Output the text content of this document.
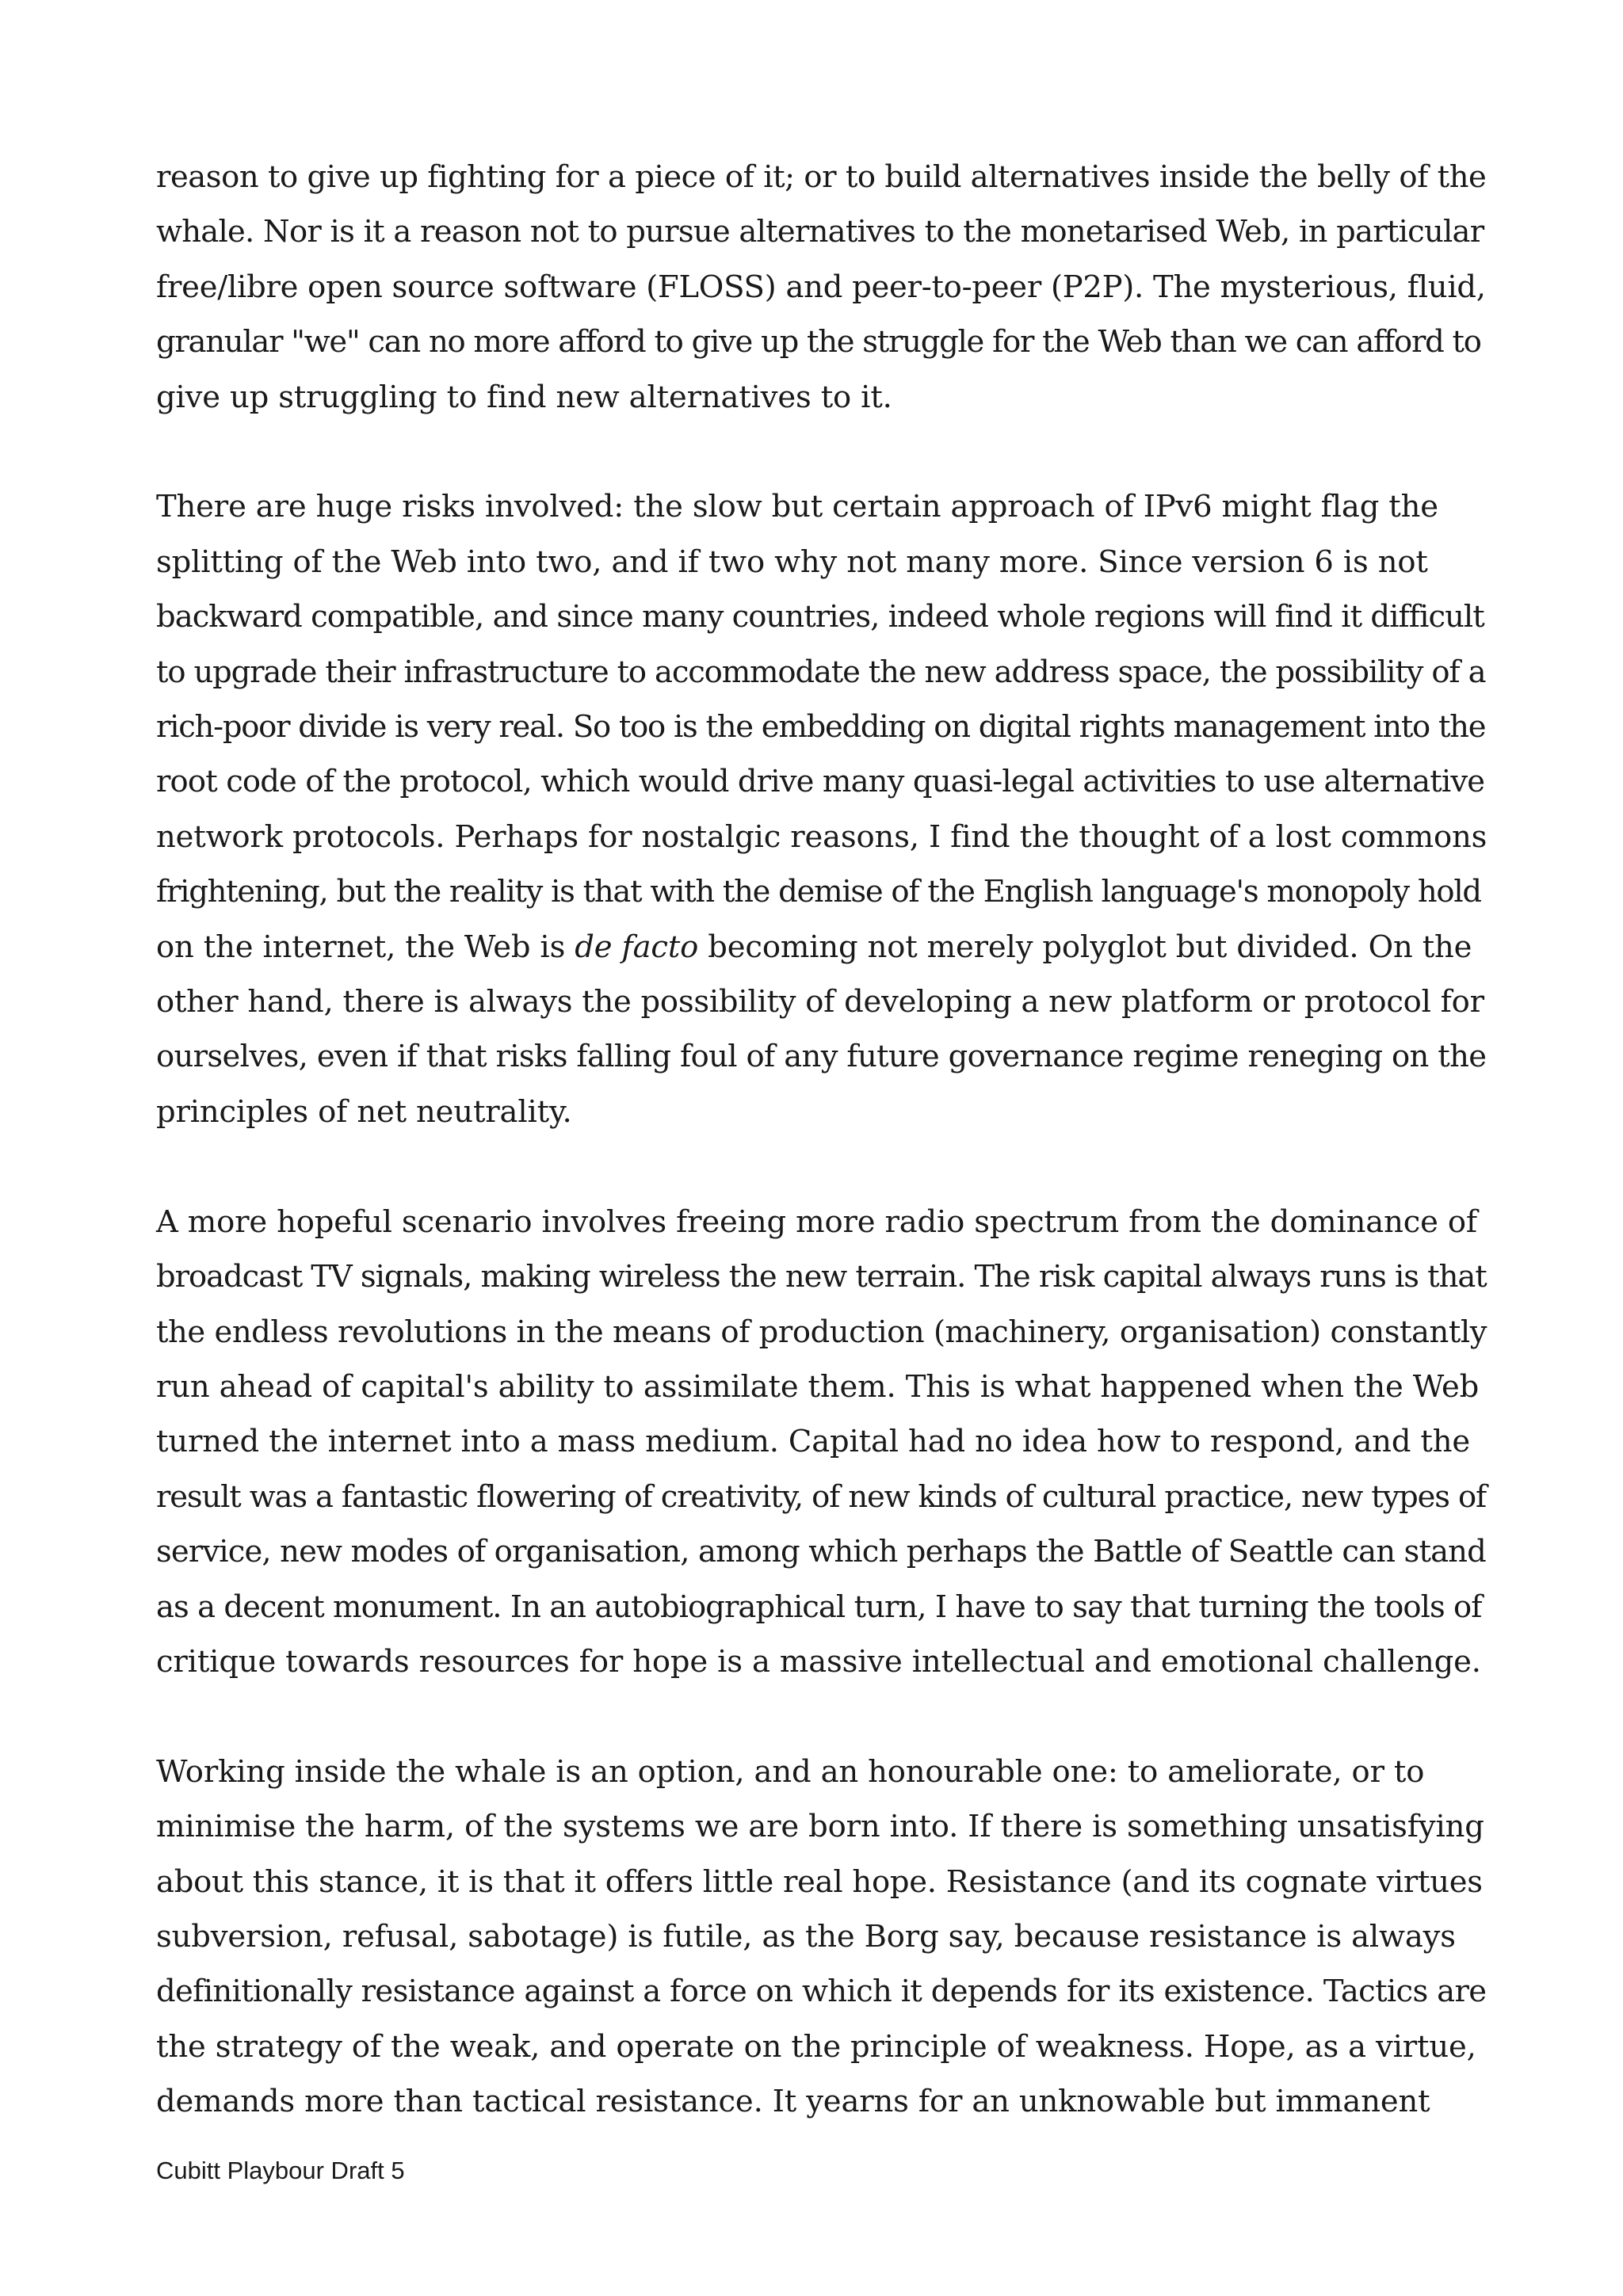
reason to give up fighting for a piece of it; or to build alternatives inside the belly of the
whale. Nor is it a reason not to pursue alternatives to the monetarised Web, in particular
free/libre open source software (FLOSS) and peer-to-peer (P2P). The mysterious, fluid,
granular "we" can no more afford to give up the struggle for the Web than we can afford to
give up struggling to find new alternatives to it.

There are huge risks involved: the slow but certain approach of IPv6 might flag the
splitting of the Web into two, and if two why not many more. Since version 6 is not
backward compatible, and since many countries, indeed whole regions will find it difficult
to upgrade their infrastructure to accommodate the new address space, the possibility of a
rich-poor divide is very real. So too is the embedding on digital rights management into the
root code of the protocol, which would drive many quasi-legal activities to use alternative
network protocols. Perhaps for nostalgic reasons, I find the thought of a lost commons
frightening, but the reality is that with the demise of the English language's monopoly hold
on the internet, the Web is de facto becoming not merely polyglot but divided. On the
other hand, there is always the possibility of developing a new platform or protocol for
ourselves, even if that risks falling foul of any future governance regime reneging on the
principles of net neutrality.

A more hopeful scenario involves freeing more radio spectrum from the dominance of
broadcast TV signals, making wireless the new terrain. The risk capital always runs is that
the endless revolutions in the means of production (machinery, organisation) constantly
run ahead of capital's ability to assimilate them. This is what happened when the Web
turned the internet into a mass medium. Capital had no idea how to respond, and the
result was a fantastic flowering of creativity, of new kinds of cultural practice, new types of
service, new modes of organisation, among which perhaps the Battle of Seattle can stand
as a decent monument. In an autobiographical turn, I have to say that turning the tools of
critique towards resources for hope is a massive intellectual and emotional challenge.

Working inside the whale is an option, and an honourable one: to ameliorate, or to
minimise the harm, of the systems we are born into. If there is something unsatisfying
about this stance, it is that it offers little real hope. Resistance (and its cognate virtues
subversion, refusal, sabotage) is futile, as the Borg say, because resistance is always
definitionally resistance against a force on which it depends for its existence. Tactics are
the strategy of the weak, and operate on the principle of weakness. Hope, as a virtue,
demands more than tactical resistance. It yearns for an unknowable but immanent

Cubitt Playbour Draft 5
